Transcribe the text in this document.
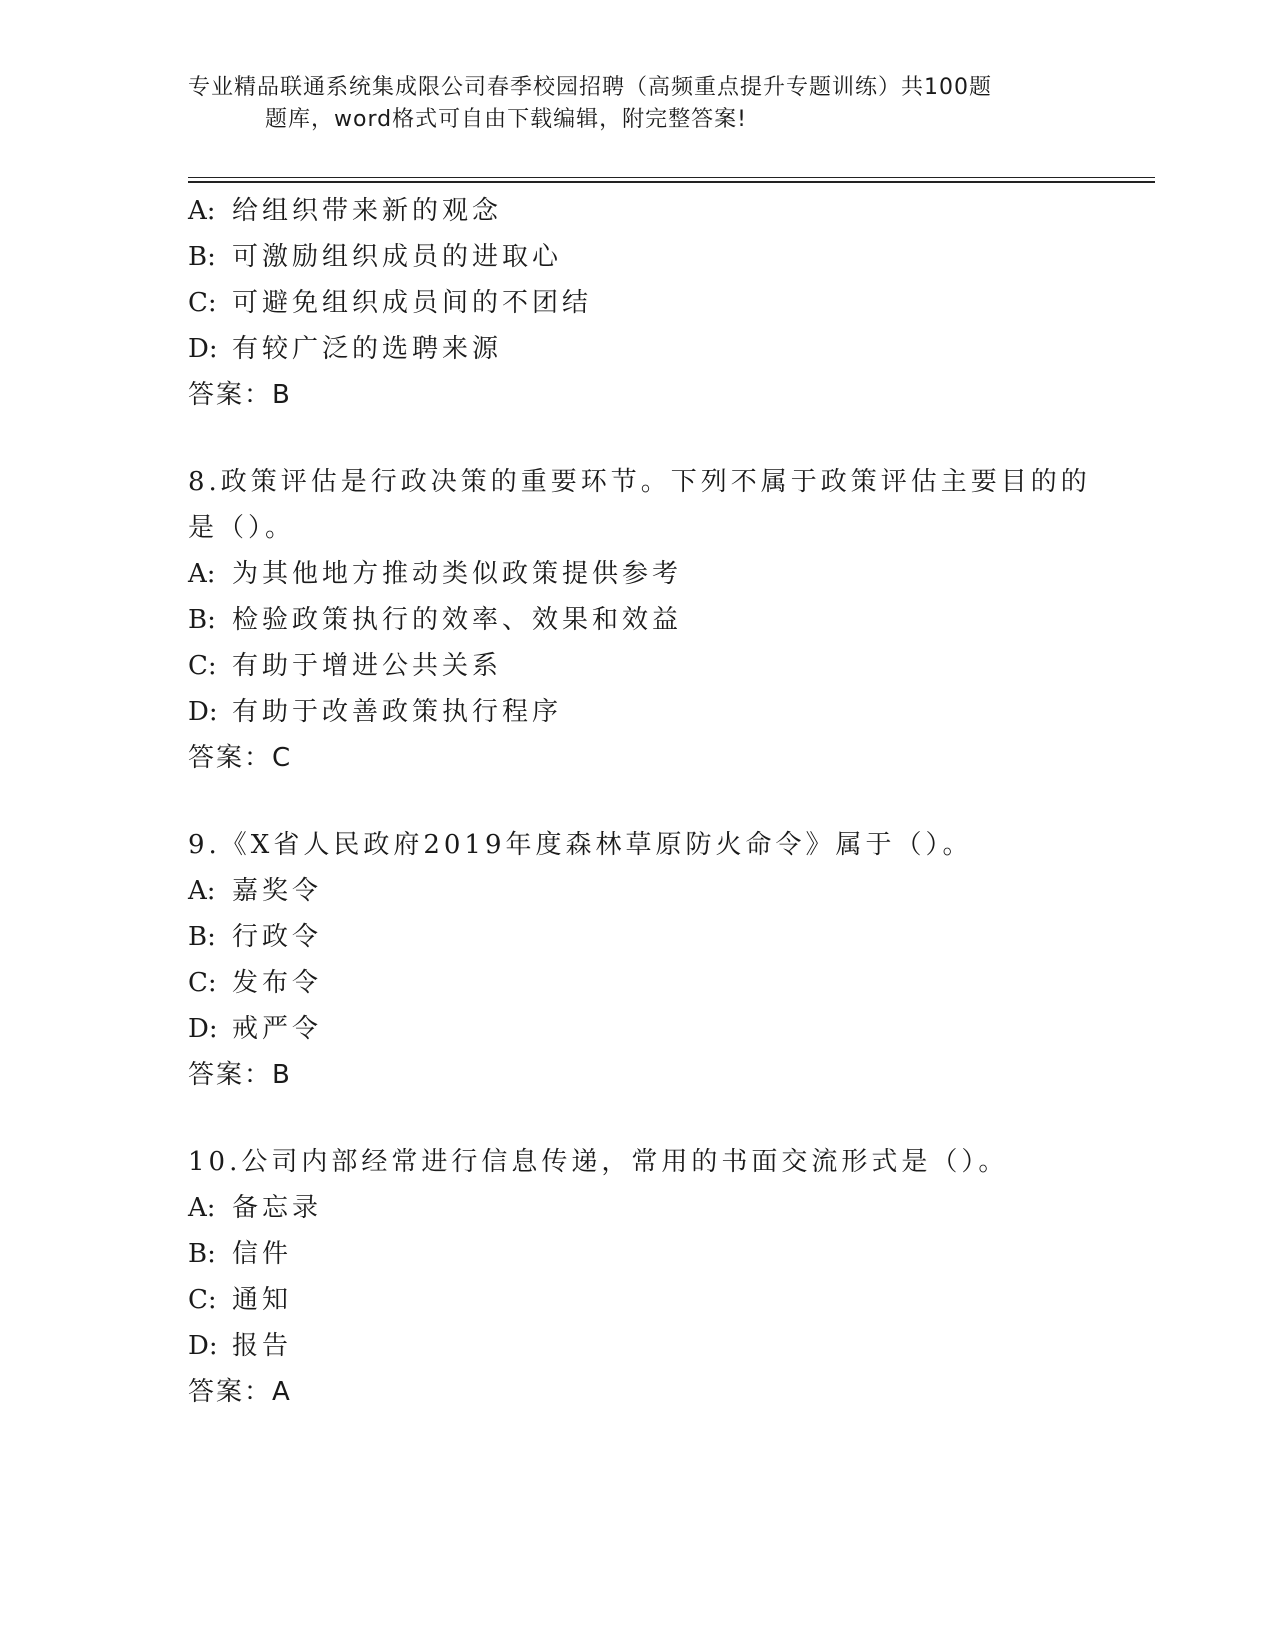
专业精品联通系统集成限公司春季校园招聘（高频重点提升专题训练）共100题
题库，word格式可自由下载编辑，附完整答案!
A: 给组织带来新的观念
B: 可激励组织成员的进取心
C: 可避免组织成员间的不团结
D: 有较广泛的选聘来源
答案：B
8.政策评估是行政决策的重要环节。下列不属于政策评估主要目的的
是（）。
A: 为其他地方推动类似政策提供参考
B: 检验政策执行的效率、效果和效益
C: 有助于增进公共关系
D: 有助于改善政策执行程序
答案：C
9.《X省人民政府2019年度森林草原防火命令》属于（）。
A: 嘉奖令
B: 行政令
C: 发布令
D: 戒严令
答案：B
10.公司内部经常进行信息传递，常用的书面交流形式是（）。
A: 备忘录
B: 信件
C: 通知
D: 报告
答案：A
